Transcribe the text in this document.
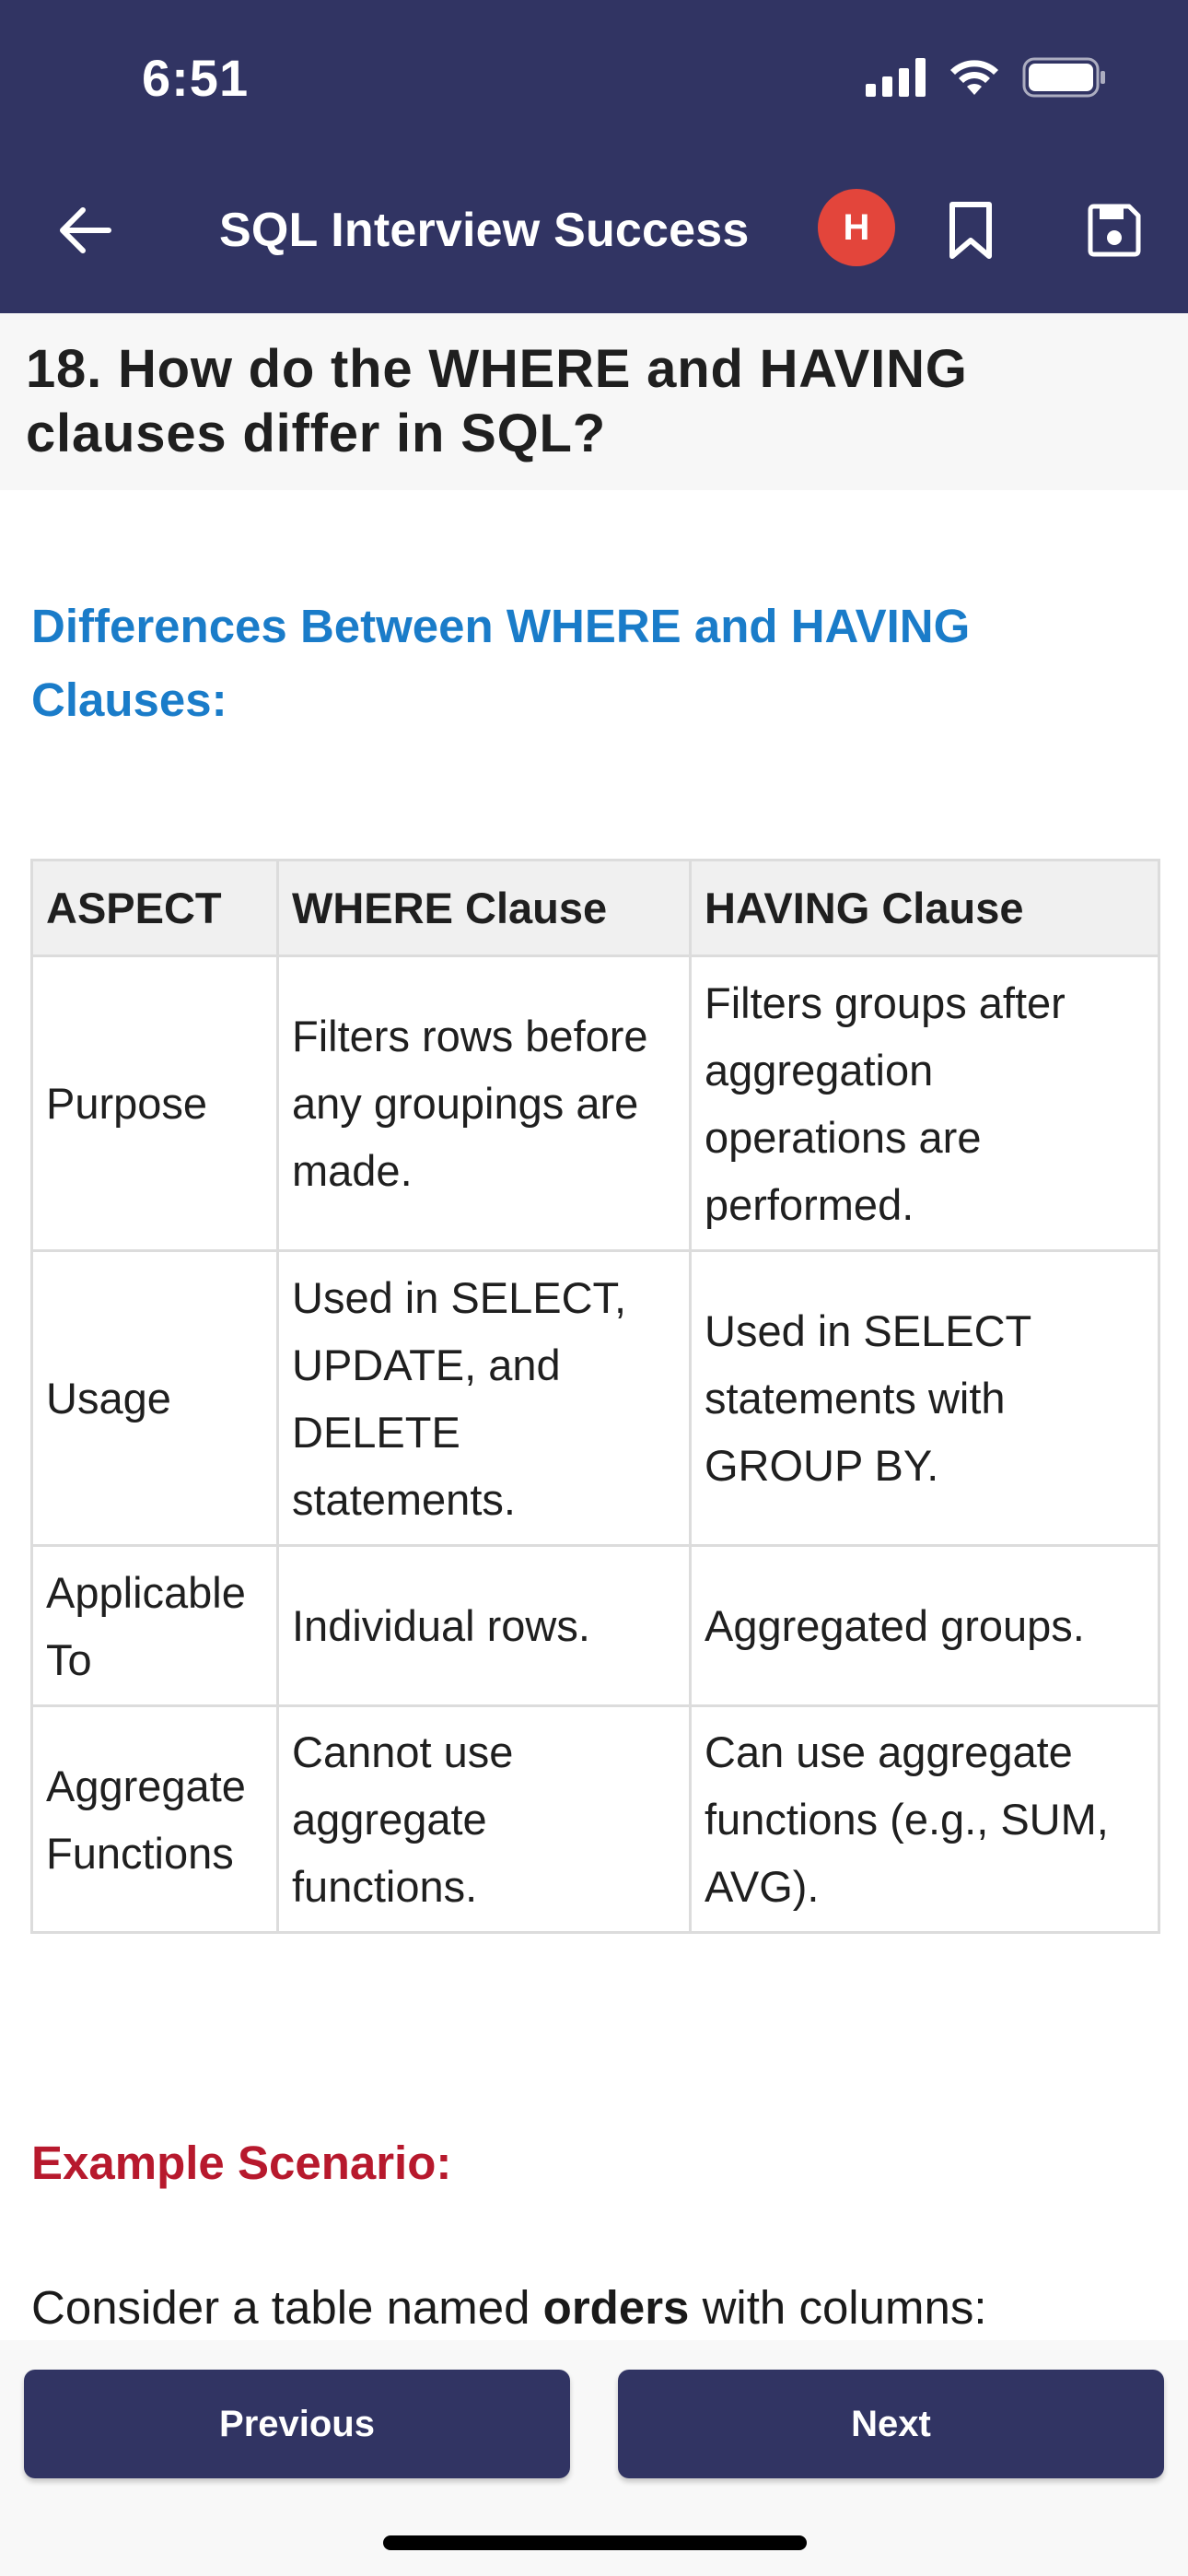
6:51
SQL Interview Success	H
18. How do the WHERE and HAVING clauses differ in SQL?
Differences Between WHERE and HAVING Clauses:
ASPECT	WHERE Clause	HAVING Clause
Purpose	Filters rows before any groupings are made.	Filters groups after aggregation operations are performed.
Usage	Used in SELECT, UPDATE, and DELETE statements.	Used in SELECT statements with GROUP BY.
Applicable To	Individual rows.	Aggregated groups.
Aggregate Functions	Cannot use aggregate functions.	Can use aggregate functions (e.g., SUM, AVG).
Example Scenario:
Consider a table named orders with columns:
Previous	Next
